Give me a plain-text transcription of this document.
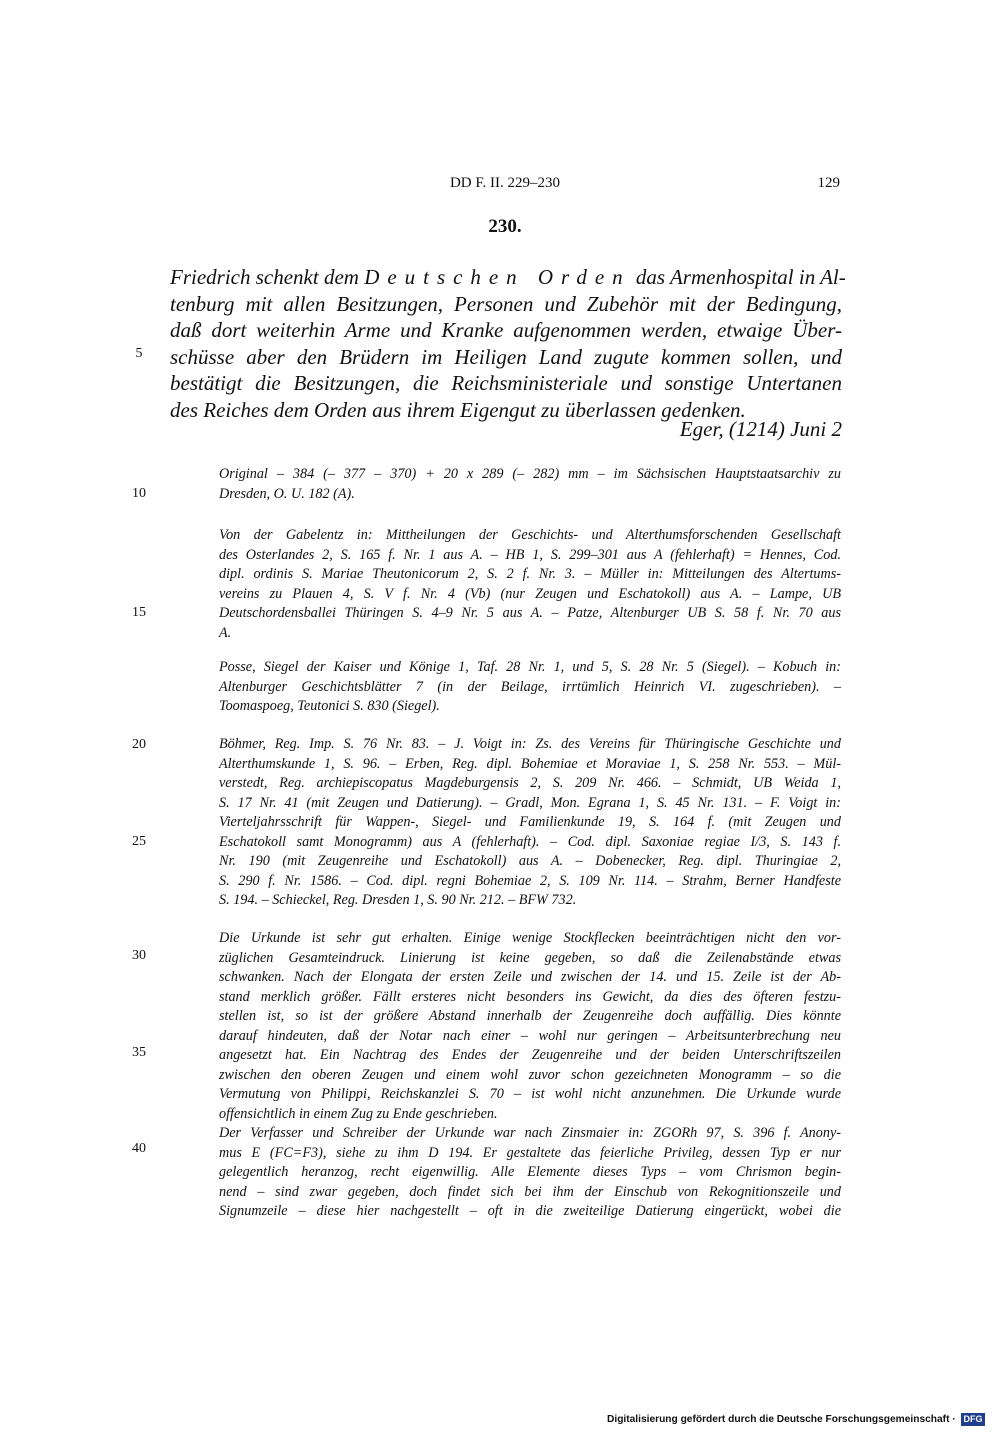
DD F. II. 229–230	129
230.
Friedrich schenkt dem Deutschen Orden das Armenhospital in Al-
tenburg mit allen Besitzungen, Personen und Zubehör mit der Bedingung,
daß dort weiterhin Arme und Kranke aufgenommen werden, etwaige Über-
schüsse aber den Brüdern im Heiligen Land zugute kommen sollen, und
bestätigt die Besitzungen, die Reichsministeriale und sonstige Untertanen
des Reiches dem Orden aus ihrem Eigengut zu überlassen gedenken.
Eger, (1214) Juni 2
5
10
15
20
25
30
35
40
Original – 384 (– 377 – 370) + 20 x 289 (– 282) mm – im Sächsischen Hauptstaatsarchiv zu
Dresden, O. U. 182 (A).
Von der Gabelentz in: Mittheilungen der Geschichts- und Alterthumsforschenden Gesellschaft
des Osterlandes 2, S. 165 f. Nr. 1 aus A. – HB 1, S. 299–301 aus A (fehlerhaft) = Hennes, Cod.
dipl. ordinis S. Mariae Theutonicorum 2, S. 2 f. Nr. 3. – Müller in: Mitteilungen des Altertums-
vereins zu Plauen 4, S. V f. Nr. 4 (Vb) (nur Zeugen und Eschatokoll) aus A. – Lampe, UB
Deutschordensballei Thüringen S. 4–9 Nr. 5 aus A. – Patze, Altenburger UB S. 58 f. Nr. 70 aus
A.
Posse, Siegel der Kaiser und Könige 1, Taf. 28 Nr. 1, und 5, S. 28 Nr. 5 (Siegel). – Kobuch in:
Altenburger Geschichtsblätter 7 (in der Beilage, irrtümlich Heinrich VI. zugeschrieben). –
Toomaspoeg, Teutonici S. 830 (Siegel).
Böhmer, Reg. Imp. S. 76 Nr. 83. – J. Voigt in: Zs. des Vereins für Thüringische Geschichte und
Alterthumskunde 1, S. 96. – Erben, Reg. dipl. Bohemiae et Moraviae 1, S. 258 Nr. 553. – Mül-
verstedt, Reg. archiepiscopatus Magdeburgensis 2, S. 209 Nr. 466. – Schmidt, UB Weida 1,
S. 17 Nr. 41 (mit Zeugen und Datierung). – Gradl, Mon. Egrana 1, S. 45 Nr. 131. – F. Voigt in:
Vierteljahrsschrift für Wappen-, Siegel- und Familienkunde 19, S. 164 f. (mit Zeugen und
Eschatokoll samt Monogramm) aus A (fehlerhaft). – Cod. dipl. Saxoniae regiae I/3, S. 143 f.
Nr. 190 (mit Zeugenreihe und Eschatokoll) aus A. – Dobenecker, Reg. dipl. Thuringiae 2,
S. 290 f. Nr. 1586. – Cod. dipl. regni Bohemiae 2, S. 109 Nr. 114. – Strahm, Berner Handfeste
S. 194. – Schieckel, Reg. Dresden 1, S. 90 Nr. 212. – BFW 732.
Die Urkunde ist sehr gut erhalten. Einige wenige Stockflecken beeinträchtigen nicht den vor-
züglichen Gesamteindruck. Linierung ist keine gegeben, so daß die Zeilenabstände etwas
schwanken. Nach der Elongata der ersten Zeile und zwischen der 14. und 15. Zeile ist der Ab-
stand merklich größer. Fällt ersteres nicht besonders ins Gewicht, da dies des öfteren festzu-
stellen ist, so ist der größere Abstand innerhalb der Zeugenreihe doch auffällig. Dies könnte
darauf hindeuten, daß der Notar nach einer – wohl nur geringen – Arbeitsunterbrechung neu
angesetzt hat. Ein Nachtrag des Endes der Zeugenreihe und der beiden Unterschriftszeilen
zwischen den oberen Zeugen und einem wohl zuvor schon gezeichneten Monogramm – so die
Vermutung von Philippi, Reichskanzlei S. 70 – ist wohl nicht anzunehmen. Die Urkunde wurde
offensichtlich in einem Zug zu Ende geschrieben.
Der Verfasser und Schreiber der Urkunde war nach Zinsmaier in: ZGORh 97, S. 396 f. Anony-
mus E (FC=F3), siehe zu ihm D 194. Er gestaltete das feierliche Privileg, dessen Typ er nur
gelegentlich heranzog, recht eigenwillig. Alle Elemente dieses Typs – vom Chrismon begin-
nend – sind zwar gegeben, doch findet sich bei ihm der Einschub von Rekognitionszeile und
Signumzeile – diese hier nachgestellt – oft in die zweiteilige Datierung eingerückt, wobei die
Digitalisierung gefördert durch die Deutsche Forschungsgemeinschaft · DFG
